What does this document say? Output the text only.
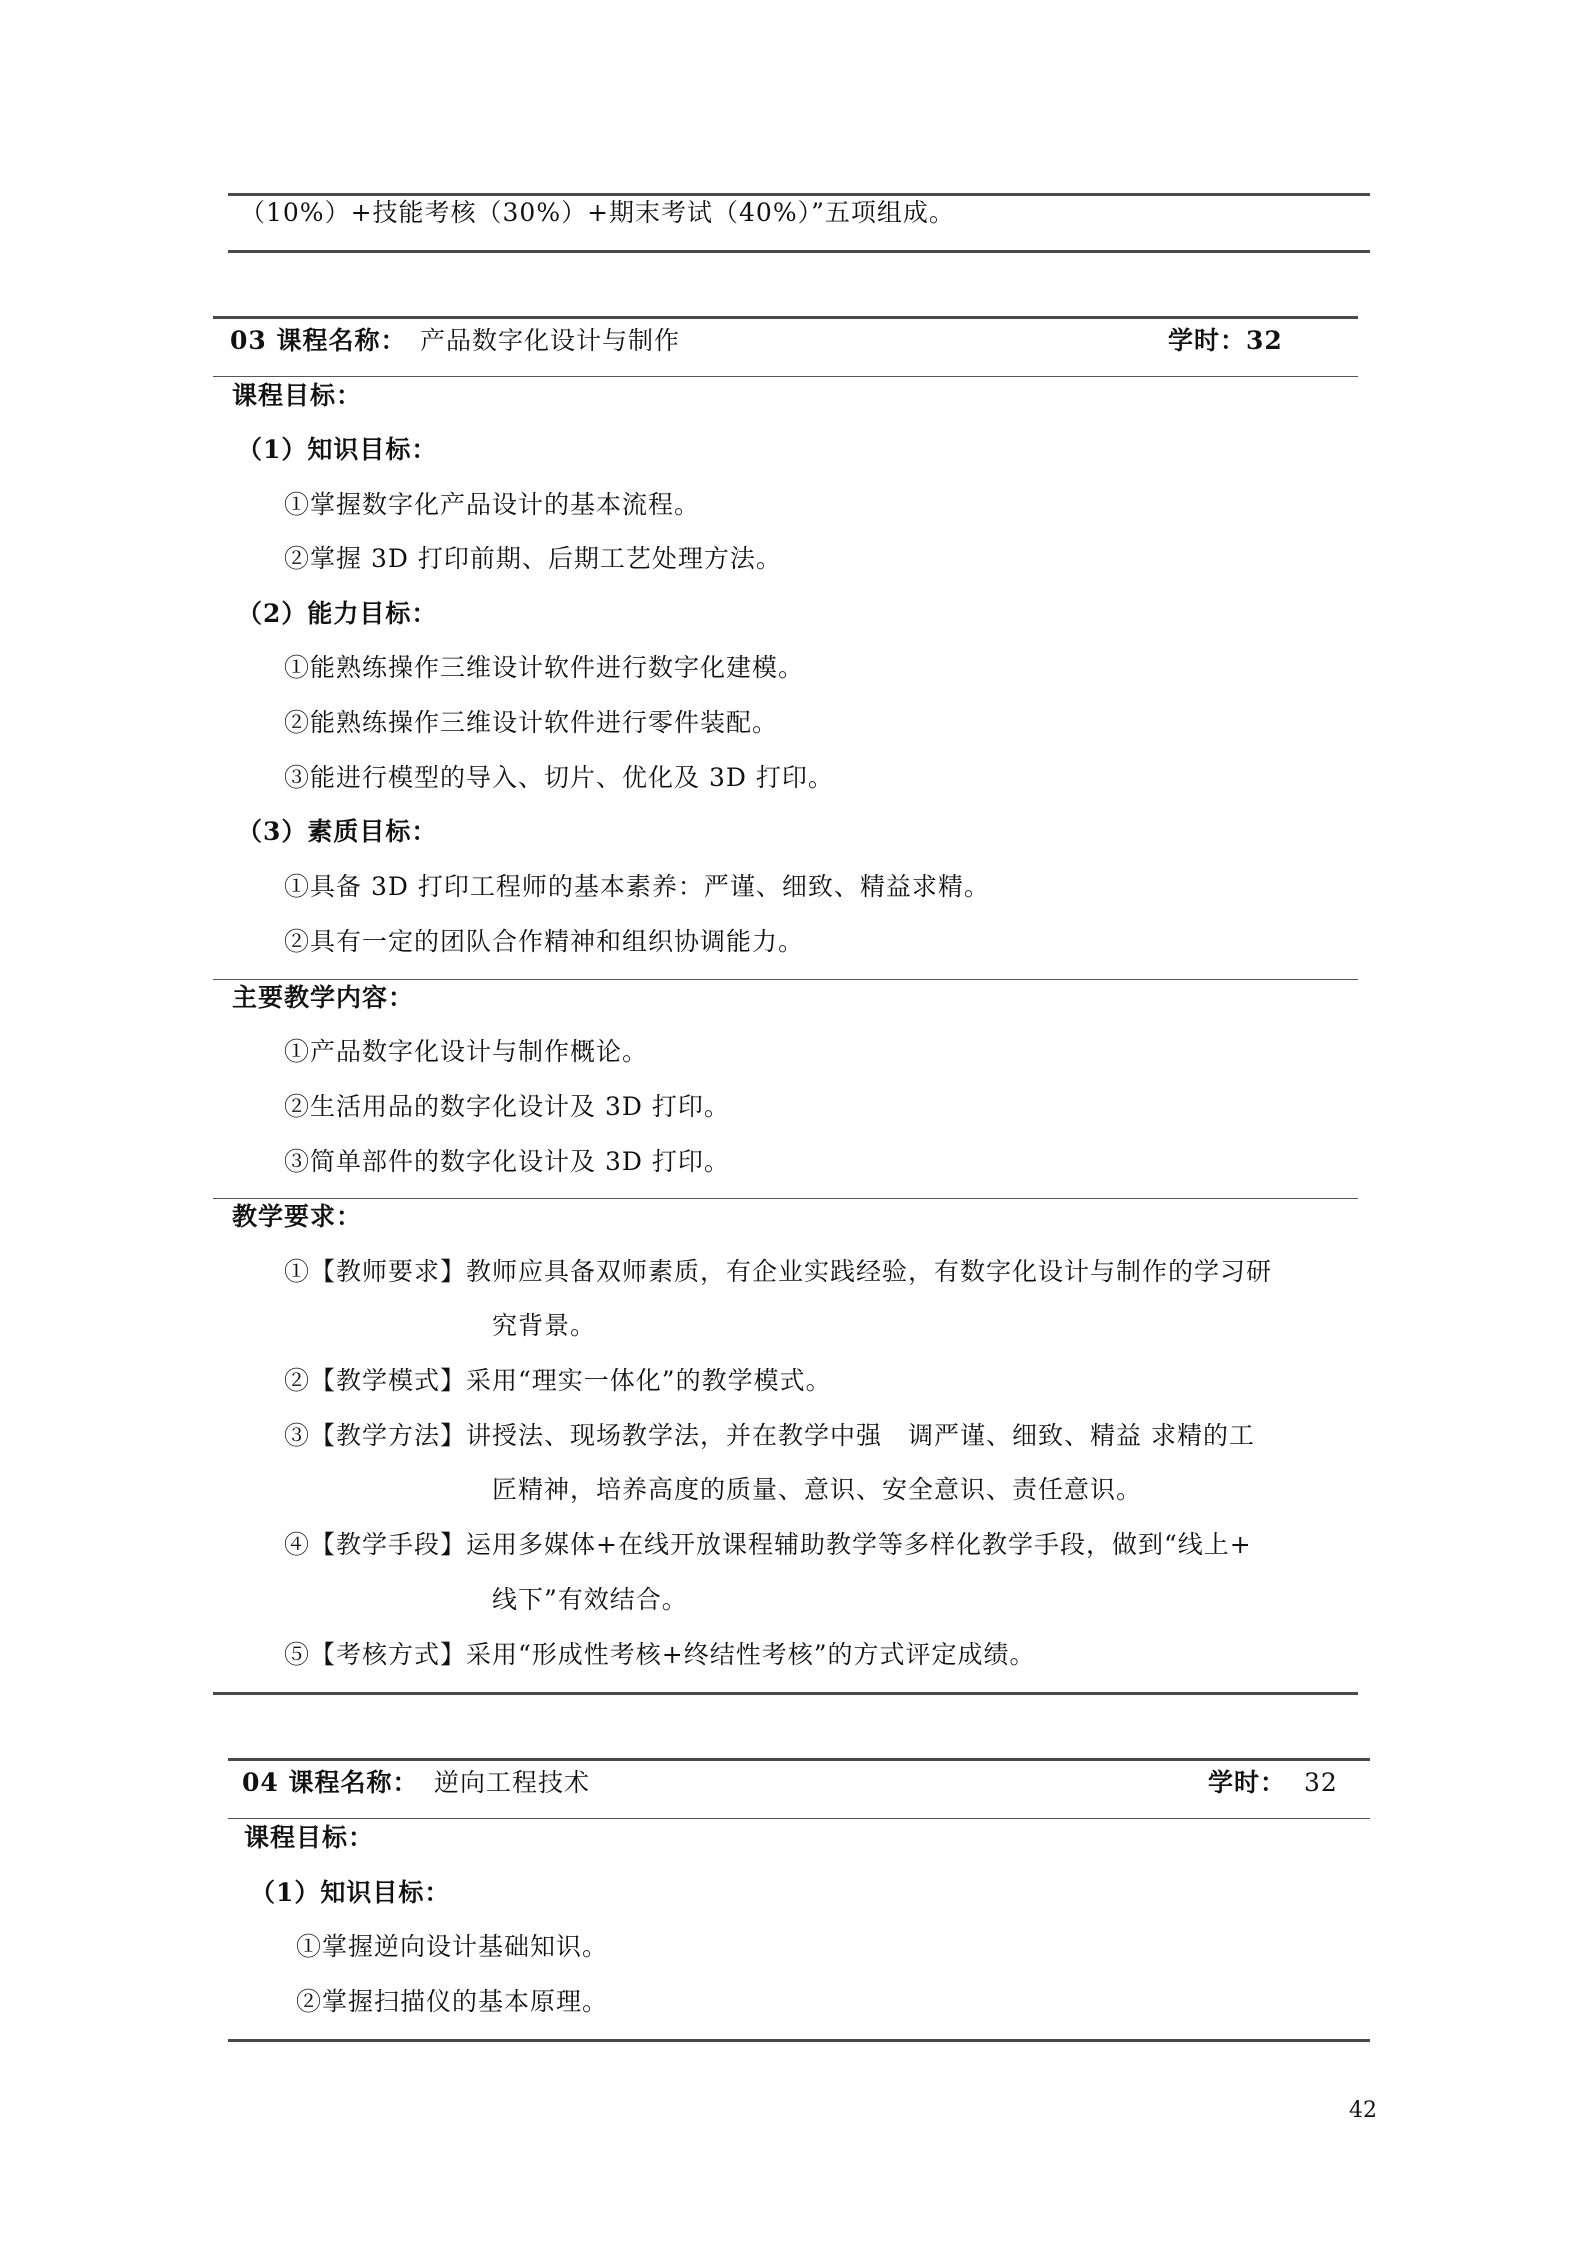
（10%）+技能考核（30%）+期末考试（40%）”五项组成。
03 课程名称： 产品数字化设计与制作	学时：32
课程目标：
（1）知识目标：
①掌握数字化产品设计的基本流程。
②掌握 3D 打印前期、后期工艺处理方法。
（2）能力目标：
①能熟练操作三维设计软件进行数字化建模。
②能熟练操作三维设计软件进行零件装配。
③能进行模型的导入、切片、优化及 3D 打印。
（3）素质目标：
①具备 3D 打印工程师的基本素养：严谨、细致、精益求精。
②具有一定的团队合作精神和组织协调能力。
主要教学内容：
①产品数字化设计与制作概论。
②生活用品的数字化设计及 3D 打印。
③简单部件的数字化设计及 3D 打印。
教学要求：
①【教师要求】教师应具备双师素质，有企业实践经验，有数字化设计与制作的学习研
究背景。
②【教学模式】采用“理实一体化”的教学模式。
③【教学方法】讲授法、现场教学法，并在教学中强　调严谨、细致、精益 求精的工
匠精神，培养高度的质量、意识、安全意识、责任意识。
④【教学手段】运用多媒体+在线开放课程辅助教学等多样化教学手段，做到“线上+
线下”有效结合。
⑤【考核方式】采用“形成性考核+终结性考核”的方式评定成绩。
04 课程名称： 逆向工程技术	学时： 32
课程目标：
（1）知识目标：
①掌握逆向设计基础知识。
②掌握扫描仪的基本原理。
42
